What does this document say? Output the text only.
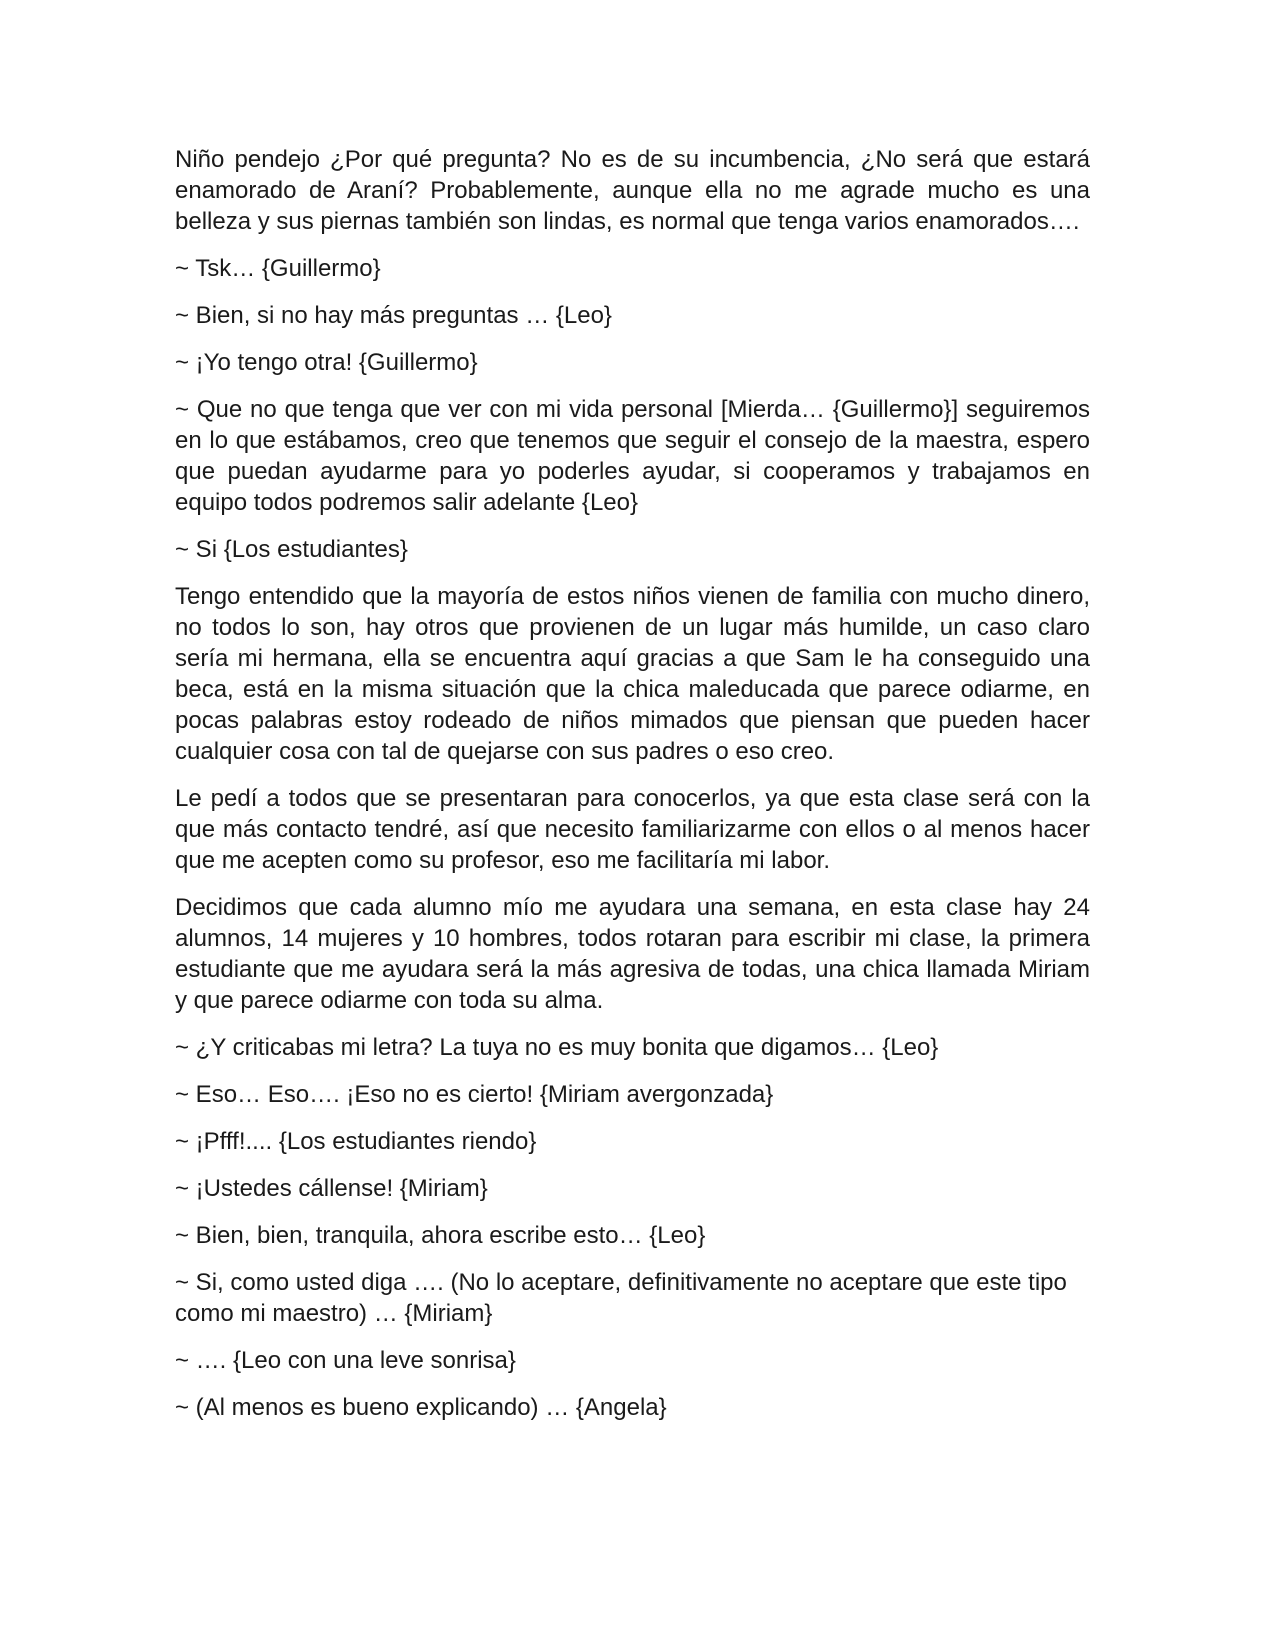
Niño pendejo ¿Por qué pregunta? No es de su incumbencia, ¿No será que estará enamorado de Araní? Probablemente, aunque ella no me agrade mucho es una belleza y sus piernas también son lindas, es normal que tenga varios enamorados….

~ Tsk… {Guillermo}

~ Bien, si no hay más preguntas … {Leo}

~ ¡Yo tengo otra! {Guillermo}

~ Que no que tenga que ver con mi vida personal [Mierda… {Guillermo}] seguiremos en lo que estábamos, creo que tenemos que seguir el consejo de la maestra, espero que puedan ayudarme para yo poderles ayudar, si cooperamos y trabajamos en equipo todos podremos salir adelante {Leo}

~ Si {Los estudiantes}

Tengo entendido que la mayoría de estos niños vienen de familia con mucho dinero, no todos lo son, hay otros que provienen de un lugar más humilde, un caso claro sería mi hermana, ella se encuentra aquí gracias a que Sam le ha conseguido una beca, está en la misma situación que la chica maleducada que parece odiarme, en pocas palabras estoy rodeado de niños mimados que piensan que pueden hacer cualquier cosa con tal de quejarse con sus padres o eso creo.

Le pedí a todos que se presentaran para conocerlos, ya que esta clase será con la que más contacto tendré, así que necesito familiarizarme con ellos o al menos hacer que me acepten como su profesor, eso me facilitaría mi labor.

Decidimos que cada alumno mío me ayudara una semana, en esta clase hay 24 alumnos, 14 mujeres y 10 hombres, todos rotaran para escribir mi clase, la primera estudiante que me ayudara será la más agresiva de todas, una chica llamada Miriam y que parece odiarme con toda su alma.

~ ¿Y criticabas mi letra? La tuya no es muy bonita que digamos… {Leo}

~ Eso… Eso…. ¡Eso no es cierto! {Miriam avergonzada}

~ ¡Pfff!.... {Los estudiantes riendo}

~ ¡Ustedes cállense! {Miriam}

~ Bien, bien, tranquila, ahora escribe esto… {Leo}

~ Si, como usted diga …. (No lo aceptare, definitivamente no aceptare que este tipo como mi maestro) … {Miriam}

~ …. {Leo con una leve sonrisa}

~ (Al menos es bueno explicando) … {Angela}
